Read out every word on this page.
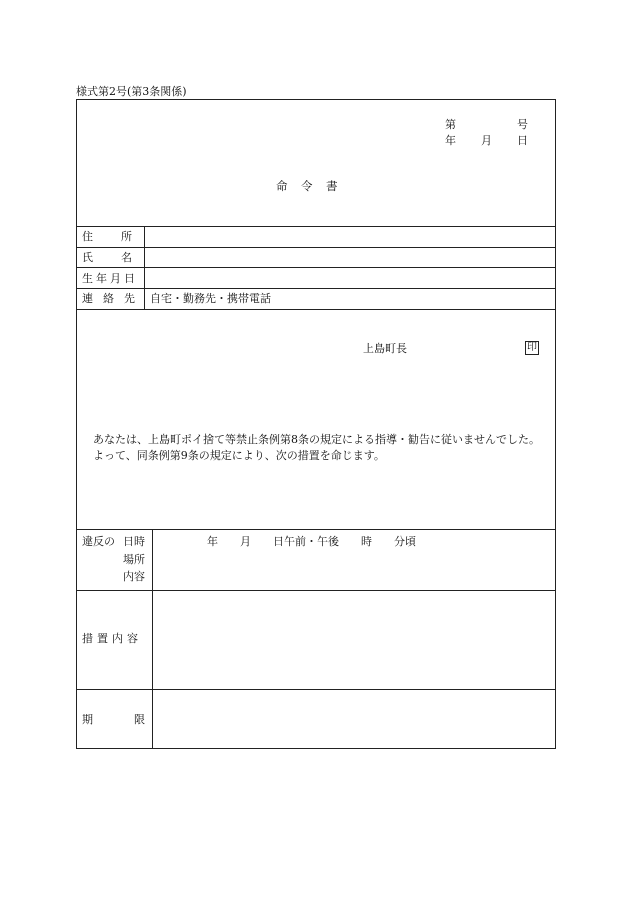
様式第2号(第3条関係)
第	号
年 月 日
命　令　書
住　　所
氏　　名
生年月日
連絡先 自宅・勤務先・携帯電話
上島町長	印

あなたは、上島町ポイ捨て等禁止条例第8条の規定による指導・勧告に従いませんでした。

よって、同条例第9条の規定により、次の措置を命じます。

違反の 日時
場所
内容
年　　月　　日午前・午後　　時　　分頃
措置内容
期　　　限
